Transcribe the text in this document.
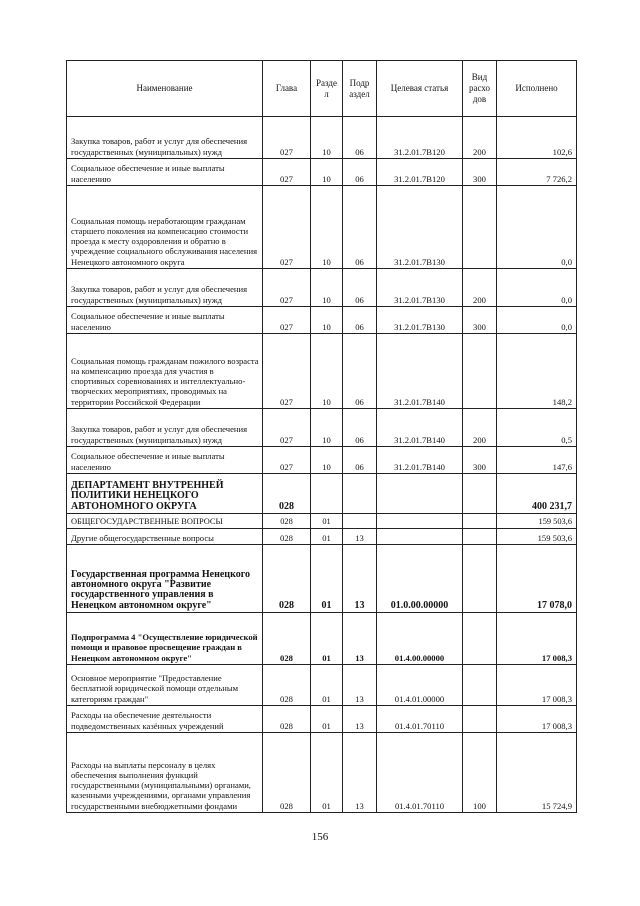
Наименование	Глава	Разде л	Подр аздел	Целевая статья	Вид расхо дов	Исполнено
Закупка товаров, работ и услуг для обеспечения государственных (муниципальных) нужд	027	10	06	31.2.01.7В120	200	102,6
Социальное обеспечение и иные выплаты населению	027	10	06	31.2.01.7В120	300	7 726,2
Социальная помощь неработающим гражданам старшего поколения на компенсацию стоимости проезда к месту оздоровления и обратно в учреждение социального обслуживания населения Ненецкого автономного округа	027	10	06	31.2.01.7В130		0,0
Закупка товаров, работ и услуг для обеспечения государственных (муниципальных) нужд	027	10	06	31.2.01.7В130	200	0,0
Социальное обеспечение и иные выплаты населению	027	10	06	31.2.01.7В130	300	0,0
Социальная помощь гражданам пожилого возраста на компенсацию проезда для участия в спортивных соревнованиях и интеллектуально-творческих мероприятиях, проводимых на территории Российской Федерации	027	10	06	31.2.01.7В140		148,2
Закупка товаров, работ и услуг для обеспечения государственных (муниципальных) нужд	027	10	06	31.2.01.7В140	200	0,5
Социальное обеспечение и иные выплаты населению	027	10	06	31.2.01.7В140	300	147,6
ДЕПАРТАМЕНТ ВНУТРЕННЕЙ ПОЛИТИКИ НЕНЕЦКОГО АВТОНОМНОГО ОКРУГА	028					400 231,7
ОБЩЕГОСУДАРСТВЕННЫЕ ВОПРОСЫ	028	01				159 503,6
Другие общегосударственные вопросы	028	01	13			159 503,6
Государственная программа Ненецкого автономного округа "Развитие государственного управления в Ненецком автономном округе"	028	01	13	01.0.00.00000		17 078,0
Подпрограмма 4 "Осуществление юридической помощи и правовое просвещение граждан в Ненецком автономном округе"	028	01	13	01.4.00.00000		17 008,3
Основное мероприятие "Предоставление бесплатной юридической помощи отдельным категориям граждан"	028	01	13	01.4.01.00000		17 008,3
Расходы на обеспечение деятельности подведомственных казённых учреждений	028	01	13	01.4.01.70110		17 008,3
Расходы на выплаты персоналу в целях обеспечения выполнения функций государственными (муниципальными) органами, казенными учреждениями, органами управления государственными внебюджетными фондами	028	01	13	01.4.01.70110	100	15 724,9
156
